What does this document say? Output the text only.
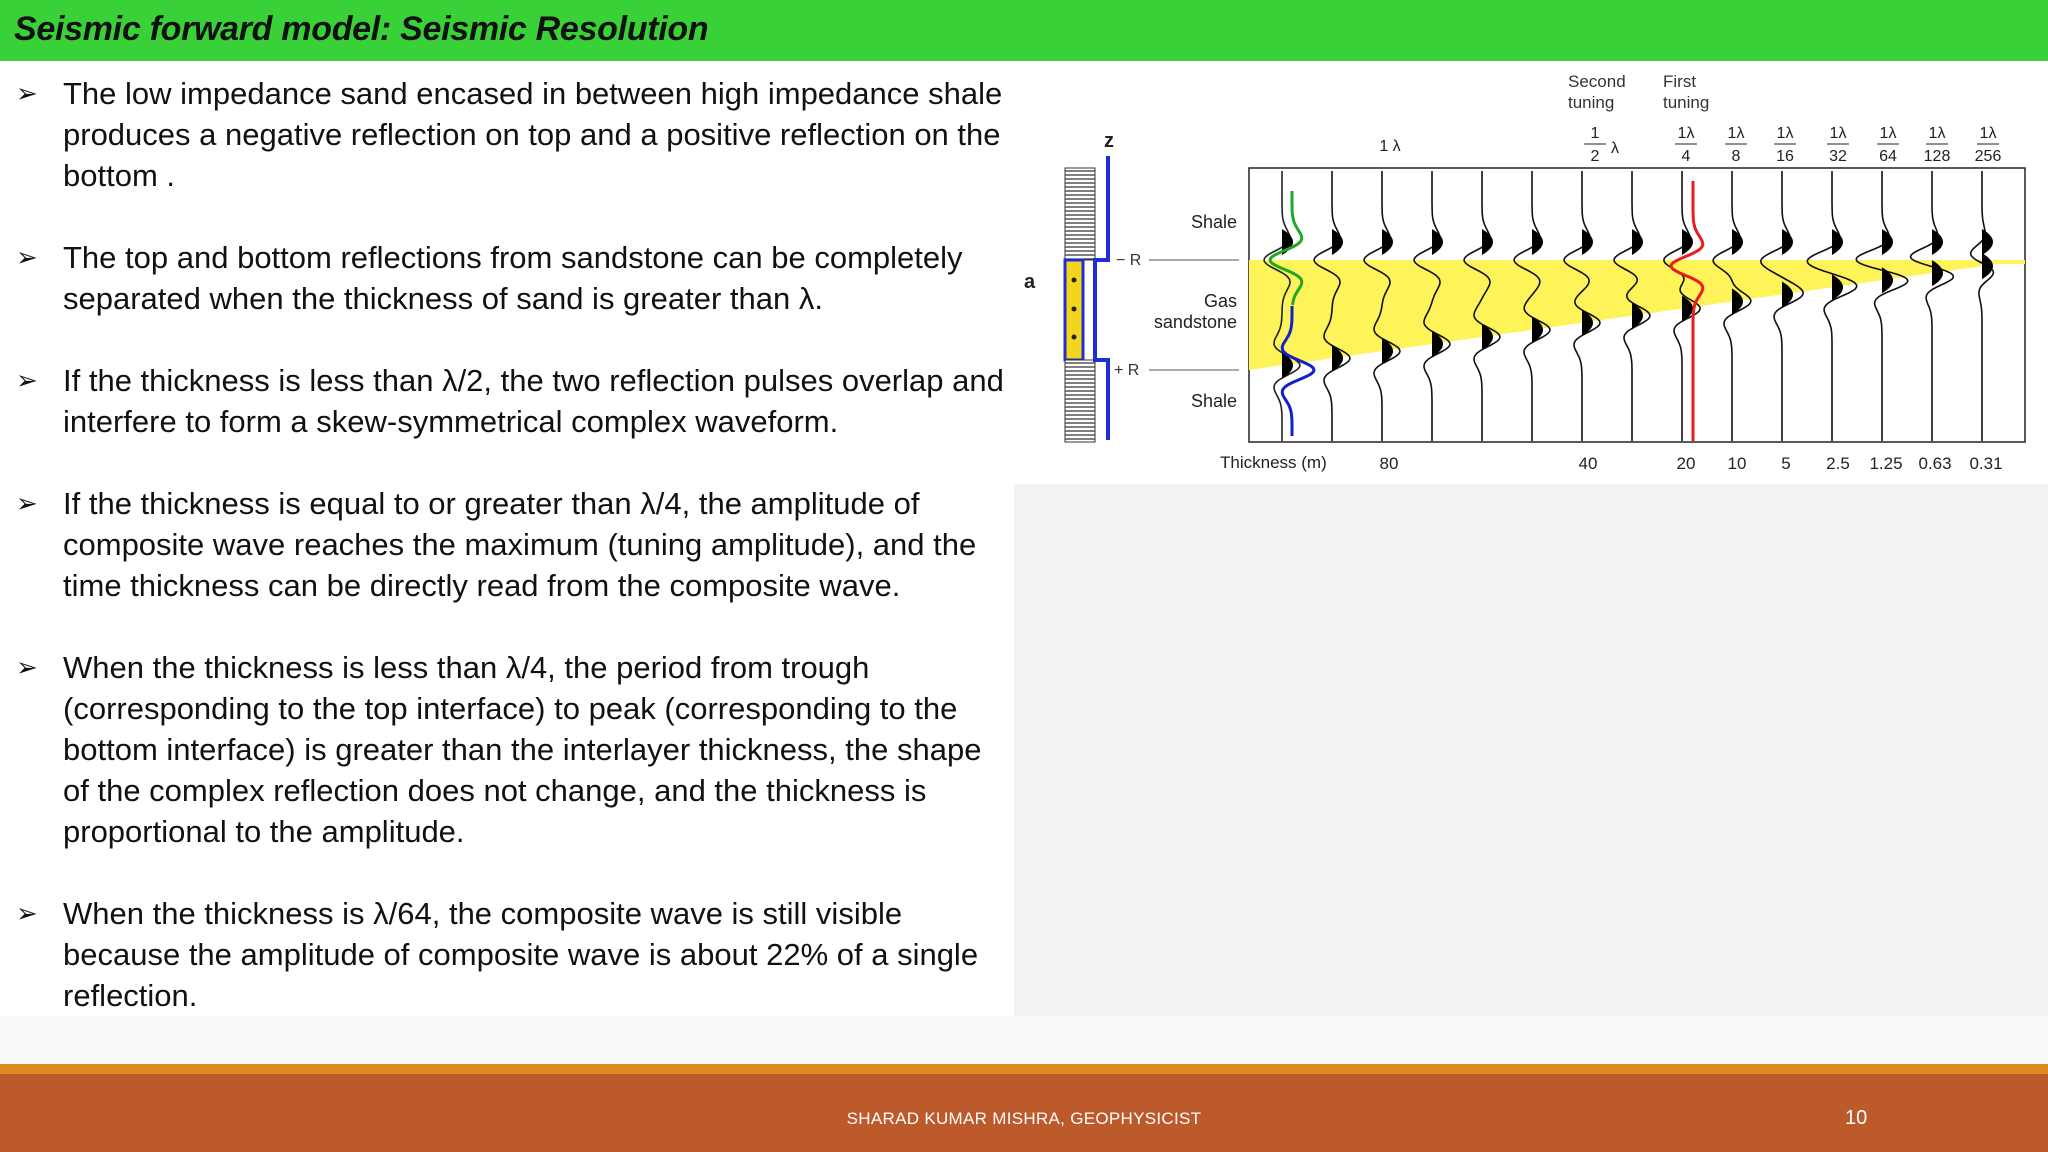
Seismic forward model: Seismic Resolution
➢ The low impedance sand encased in between high impedance shale produces a negative reflection on top and a positive reflection on the bottom .
➢ The top and bottom reflections from sandstone can be completely separated when the thickness of sand is greater than λ.
➢ If the thickness is less than λ/2, the two reflection pulses overlap and interfere to form a skew-symmetrical complex waveform.
➢ If the thickness is equal to or greater than λ/4, the amplitude of composite wave reaches the maximum (tuning amplitude), and the time thickness can be directly read from the composite wave.
➢ When the thickness is less than λ/4, the period from trough (corresponding to the top interface) to peak (corresponding to the bottom interface) is greater than the interlayer thickness, the shape of the complex reflection does not change, and the thickness is proportional to the amplitude.
➢ When the thickness is λ/64, the composite wave is still visible because the amplitude of composite wave is about 22% of a single reflection.
a
z
− R
+ R
Shale
Gas
sandstone
Shale
Second
tuning
First
tuning
1 λ
1
2 λ
1λ
4
1λ
8
1λ
16
1λ
32
1λ
64
1λ
128
1λ
256
Thickness (m)	80	40	20 10 5 2.5 1.25 0.63 0.31
SHARAD KUMAR MISHRA, GEOPHYSICIST	10
